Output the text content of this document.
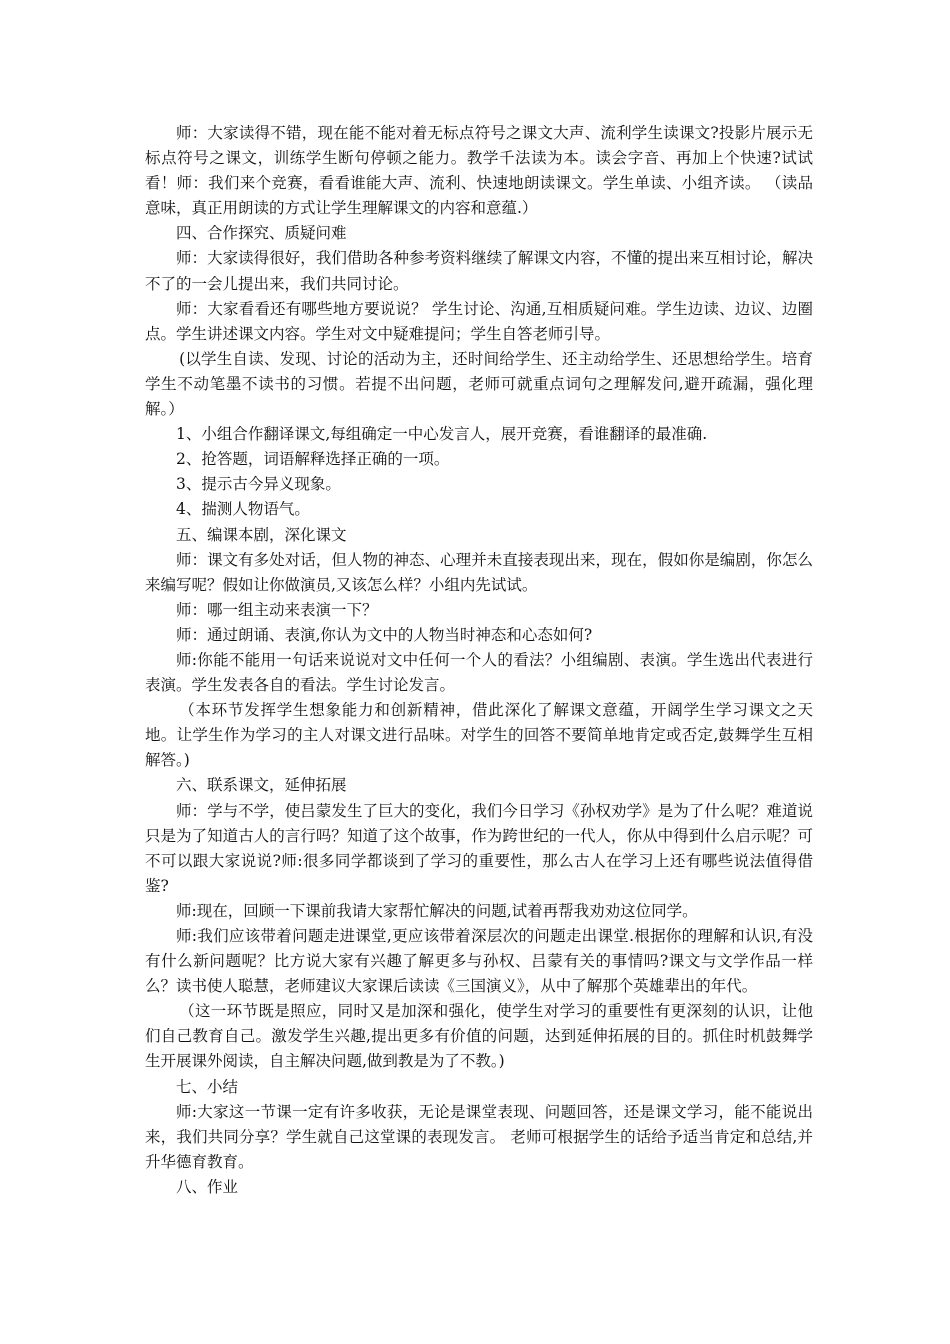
师：大家读得不错，现在能不能对着无标点符号之课文大声、流利学生读课文?投影片展示无标点符号之课文，训练学生断句停顿之能力。教学千法读为本。读会字音、再加上个快速?试试看！师：我们来个竞赛，看看谁能大声、流利、快速地朗读课文。学生单读、小组齐读。 （读品意味，真正用朗读的方式让学生理解课文的内容和意蕴.）

四、合作探究、质疑问难

师：大家读得很好，我们借助各种参考资料继续了解课文内容，不懂的提出来互相讨论，解决不了的一会儿提出来，我们共同讨论。

师：大家看看还有哪些地方要说说？ 学生讨论、沟通,互相质疑问难。学生边读、边议、边圈点。学生讲述课文内容。学生对文中疑难提问；学生自答老师引导。

(以学生自读、发现、讨论的活动为主，还时间给学生、还主动给学生、还思想给学生。培育学生不动笔墨不读书的习惯。若提不出问题，老师可就重点词句之理解发问,避开疏漏，强化理解。）

1、小组合作翻译课文,每组确定一中心发言人，展开竞赛，看谁翻译的最准确.

2、抢答题，词语解释选择正确的一项。

3、提示古今异义现象。

4、揣测人物语气。

五、编课本剧，深化课文

师：课文有多处对话，但人物的神态、心理并未直接表现出来，现在，假如你是编剧，你怎么来编写呢？假如让你做演员,又该怎么样？小组内先试试。

师：哪一组主动来表演一下？

师：通过朗诵、表演,你认为文中的人物当时神态和心态如何?

师:你能不能用一句话来说说对文中任何一个人的看法？小组编剧、表演。学生选出代表进行表演。学生发表各自的看法。学生讨论发言。

（本环节发挥学生想象能力和创新精神，借此深化了解课文意蕴，开阔学生学习课文之天地。让学生作为学习的主人对课文进行品味。对学生的回答不要简单地肯定或否定,鼓舞学生互相解答。)

六、联系课文，延伸拓展

师：学与不学，使吕蒙发生了巨大的变化，我们今日学习《孙权劝学》是为了什么呢？难道说只是为了知道古人的言行吗？知道了这个故事，作为跨世纪的一代人，你从中得到什么启示呢？可不可以跟大家说说?师:很多同学都谈到了学习的重要性，那么古人在学习上还有哪些说法值得借鉴?

师:现在，回顾一下课前我请大家帮忙解决的问题,试着再帮我劝劝这位同学。

师:我们应该带着问题走进课堂,更应该带着深层次的问题走出课堂.根据你的理解和认识,有没有什么新问题呢？比方说大家有兴趣了解更多与孙权、吕蒙有关的事情吗?课文与文学作品一样么？读书使人聪慧，老师建议大家课后读读《三国演义》，从中了解那个英雄辈出的年代。

（这一环节既是照应，同时又是加深和强化，使学生对学习的重要性有更深刻的认识，让他们自己教育自己。激发学生兴趣,提出更多有价值的问题，达到延伸拓展的目的。抓住时机鼓舞学生开展课外阅读，自主解决问题,做到教是为了不教。)

七、小结

师:大家这一节课一定有许多收获，无论是课堂表现、问题回答，还是课文学习，能不能说出来，我们共同分享？学生就自己这堂课的表现发言。 老师可根据学生的话给予适当肯定和总结,并升华德育教育。

八、作业
